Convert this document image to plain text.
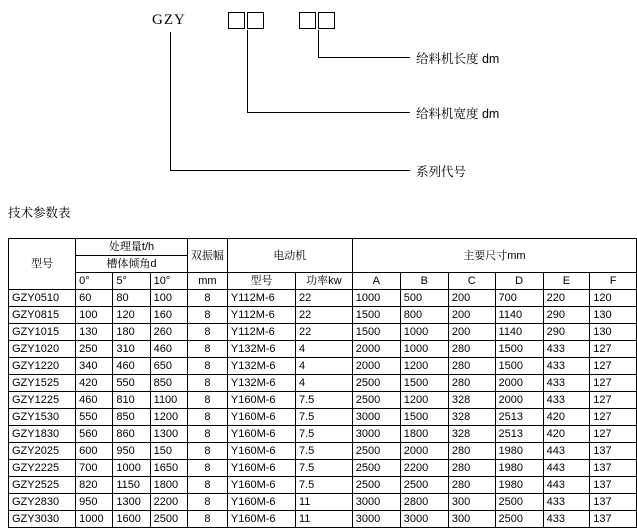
GZY
给料机长度 dm
给料机宽度 dm
系列代号
技术参数表
型号	处理量t/h			双振幅	电动机		主要尺寸mm					
	槽体倾角d											
	0°	5°	10°	mm	型号	功率kw	A	B	C	D	E	F
GZY0510	60	80	100	8	Y112M-6	22	1000	500	200	700	220	120
GZY0815	100	120	160	8	Y112M-6	22	1500	800	200	1140	290	130
GZY1015	130	180	260	8	Y112M-6	22	1500	1000	200	1140	290	130
GZY1020	250	310	460	8	Y132M-6	4	2000	1000	280	1500	433	127
GZY1220	340	460	650	8	Y132M-6	4	2000	1200	280	1500	433	127
GZY1525	420	550	850	8	Y132M-6	4	2500	1500	280	2000	433	127
GZY1225	460	810	1100	8	Y160M-6	7.5	2500	1200	328	2000	433	127
GZY1530	550	850	1200	8	Y160M-6	7.5	3000	1500	328	2513	420	127
GZY1830	560	860	1300	8	Y160M-6	7.5	3000	1800	328	2513	420	127
GZY2025	600	950	150	8	Y160M-6	7.5	2500	2000	280	1980	443	137
GZY2225	700	1000	1650	8	Y160M-6	7.5	2500	2200	280	1980	443	137
GZY2525	820	1150	1800	8	Y160M-6	7.5	2500	2500	280	1980	443	137
GZY2830	950	1300	2200	8	Y160M-6	11	3000	2800	300	2500	433	137
GZY3030	1000	1600	2500	8	Y160M-6	11	3000	3000	300	2500	433	137
